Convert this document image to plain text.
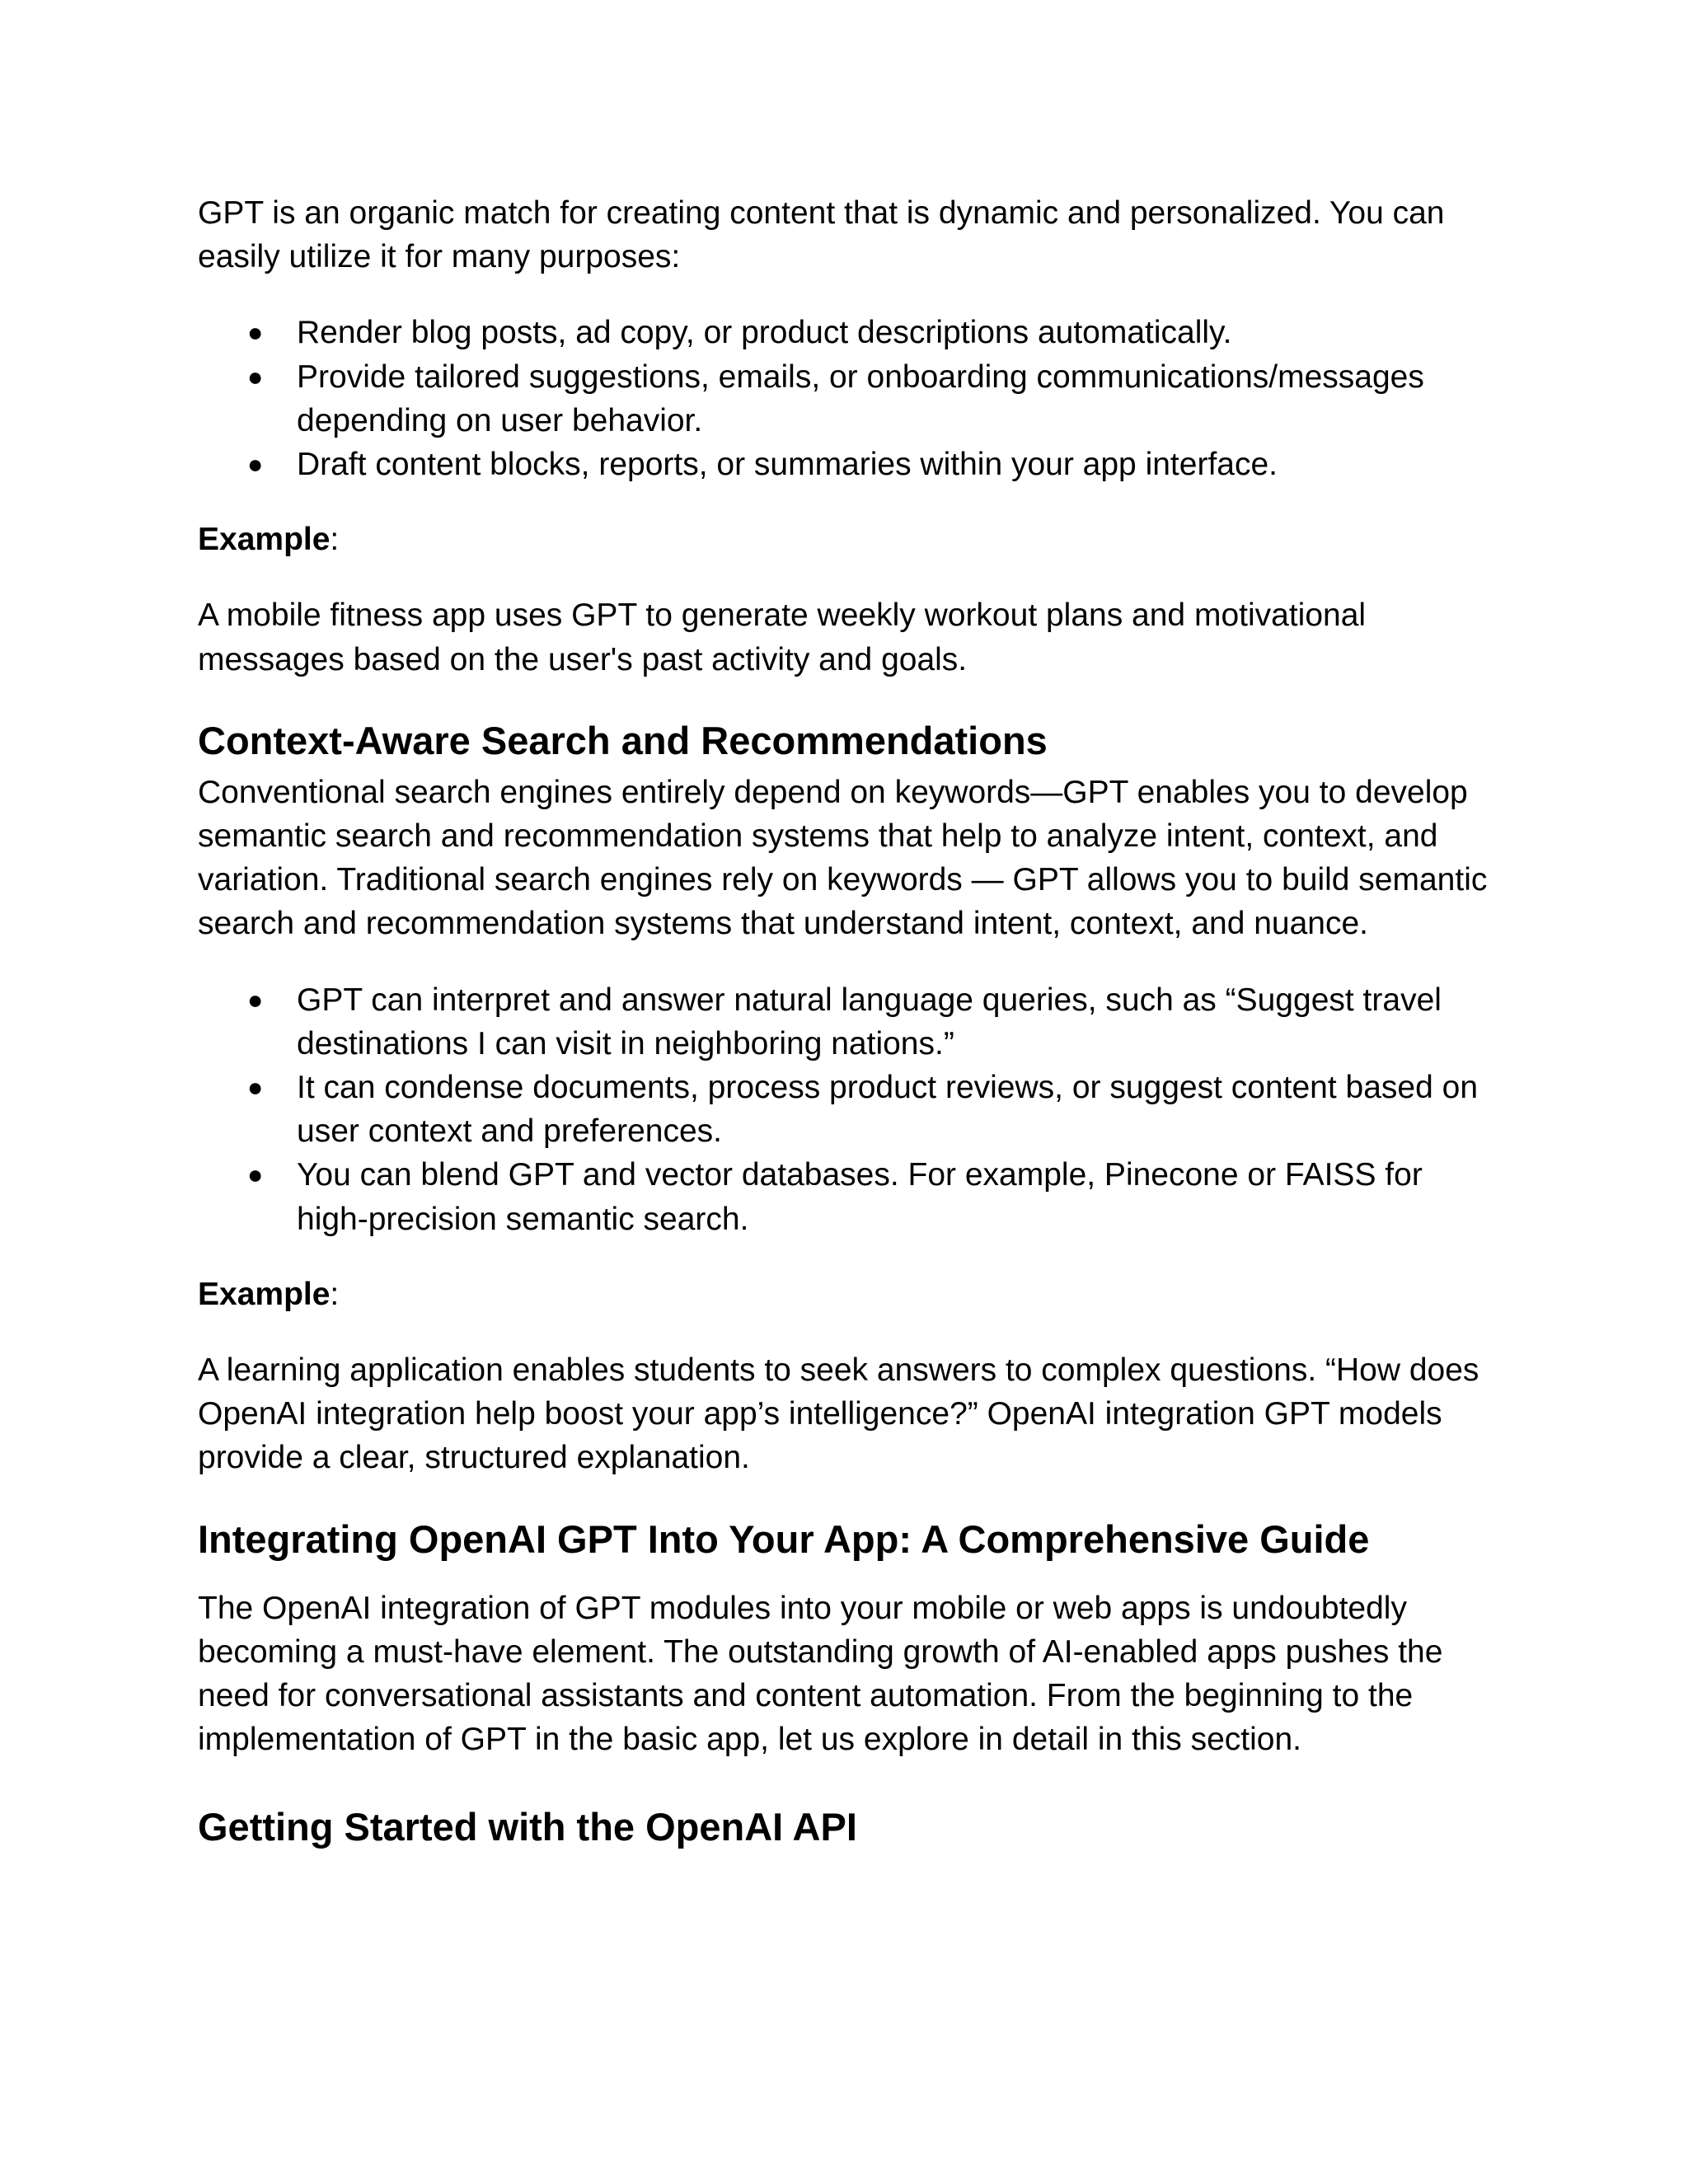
GPT is an organic match for creating content that is dynamic and personalized. You can easily utilize it for many purposes:

● Render blog posts, ad copy, or product descriptions automatically.
● Provide tailored suggestions, emails, or onboarding communications/messages depending on user behavior.
● Draft content blocks, reports, or summaries within your app interface.

Example:

A mobile fitness app uses GPT to generate weekly workout plans and motivational messages based on the user's past activity and goals.

Context-Aware Search and Recommendations

Conventional search engines entirely depend on keywords—GPT enables you to develop semantic search and recommendation systems that help to analyze intent, context, and variation. Traditional search engines rely on keywords — GPT allows you to build semantic search and recommendation systems that understand intent, context, and nuance.

● GPT can interpret and answer natural language queries, such as “Suggest travel destinations I can visit in neighboring nations.”
● It can condense documents, process product reviews, or suggest content based on user context and preferences.
● You can blend GPT and vector databases. For example, Pinecone or FAISS for high-precision semantic search.

Example:

A learning application enables students to seek answers to complex questions. “How does OpenAI integration help boost your app’s intelligence?” OpenAI integration GPT models provide a clear, structured explanation.

Integrating OpenAI GPT Into Your App: A Comprehensive Guide

The OpenAI integration of GPT modules into your mobile or web apps is undoubtedly becoming a must-have element. The outstanding growth of AI-enabled apps pushes the need for conversational assistants and content automation. From the beginning to the implementation of GPT in the basic app, let us explore in detail in this section.

Getting Started with the OpenAI API
